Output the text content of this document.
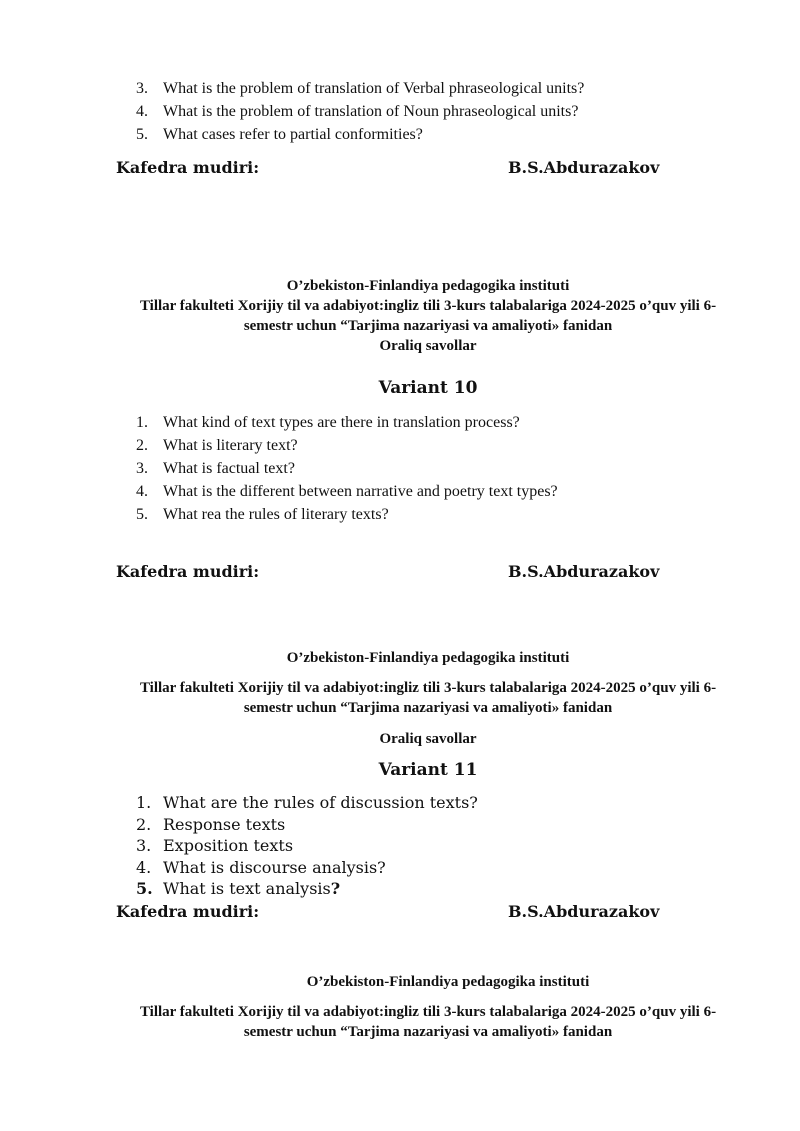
3. What is the problem of translation of Verbal phraseological units?
4. What is the problem of translation of Noun phraseological units?
5. What cases refer to partial conformities?
Kafedra mudiri:	B.S.Abdurazakov
O’zbekiston-Finlandiya pedagogika instituti
Tillar fakulteti Xorijiy til va adabiyot:ingliz tili 3-kurs talabalariga 2024-2025 o’quv yili 6-
semestr uchun “Tarjima nazariyasi va amaliyoti» fanidan
Oraliq savollar
Variant 10
1. What kind of text types are there in translation process?
2. What is literary text?
3. What is factual text?
4. What is the different between narrative and poetry text types?
5. What rea the rules of literary texts?
Kafedra mudiri:	B.S.Abdurazakov
O’zbekiston-Finlandiya pedagogika instituti
Tillar fakulteti Xorijiy til va adabiyot:ingliz tili 3-kurs talabalariga 2024-2025 o’quv yili 6-
semestr uchun “Tarjima nazariyasi va amaliyoti» fanidan
Oraliq savollar
Variant 11
1. What are the rules of discussion texts?
2. Response texts
3. Exposition texts
4. What is discourse analysis?
5. What is text analysis?
Kafedra mudiri:	B.S.Abdurazakov
O’zbekiston-Finlandiya pedagogika instituti
Tillar fakulteti Xorijiy til va adabiyot:ingliz tili 3-kurs talabalariga 2024-2025 o’quv yili 6-
semestr uchun “Tarjima nazariyasi va amaliyoti» fanidan
